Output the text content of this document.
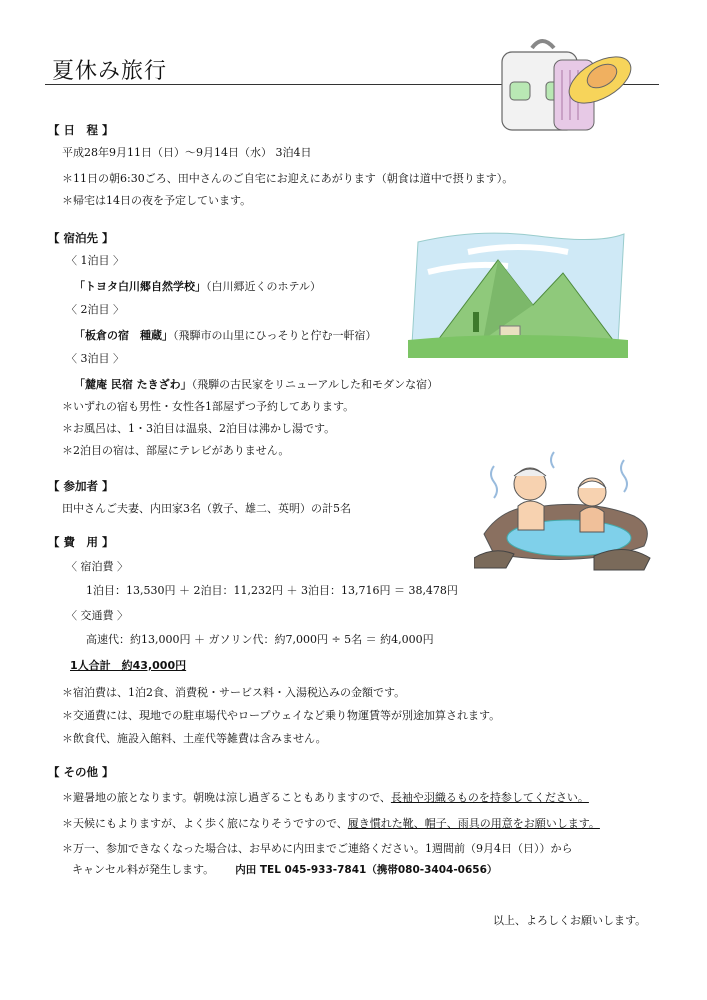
夏休み旅行
【 日　程 】
平成28年9月11日（日）～9月14日（水） 3泊4日
＊11日の朝6:30ごろ、田中さんのご自宅にお迎えにあがります（朝食は道中で摂ります）。
＊帰宅は14日の夜を予定しています。
【 宿泊先 】
〈 1泊目 〉
「トヨタ白川郷自然学校」（白川郷近くのホテル）
〈 2泊目 〉
「板倉の宿　種蔵」（飛騨市の山里にひっそりと佇む一軒宿）
〈 3泊目 〉
「麓庵 民宿 たきざわ」（飛騨の古民家をリニューアルした和モダンな宿）
＊いずれの宿も男性・女性各1部屋ずつ予約してあります。
＊お風呂は、1・3泊目は温泉、2泊目は沸かし湯です。
＊2泊目の宿は、部屋にテレビがありません。
【 参加者 】
田中さんご夫妻、内田家3名（敦子、雄二、英明）の計5名
【 費　用 】
〈 宿泊費 〉
1泊目：13,530円 ＋ 2泊目：11,232円 ＋ 3泊目：13,716円 ＝ 38,478円
〈 交通費 〉
高速代：約13,000円 ＋ ガソリン代：約7,000円 ÷ 5名 ＝ 約4,000円
1人合計　約43,000円
＊宿泊費は、1泊2食、消費税・サービス料・入湯税込みの金額です。
＊交通費には、現地での駐車場代やロープウェイなど乗り物運賃等が別途加算されます。
＊飲食代、施設入館料、土産代等雑費は含みません。
【 その他 】
＊避暑地の旅となります。朝晩は涼し過ぎることもありますので、長袖や羽織るものを持参してください。
＊天候にもよりますが、よく歩く旅になりそうですので、履き慣れた靴、帽子、雨具の用意をお願いします。
＊万一、参加できなくなった場合は、お早めに内田までご連絡ください。1週間前（9月4日（日））から
キャンセル料が発生します。 内田 TEL 045-933-7841（携帯080-3404-0656）
以上、よろしくお願いします。
